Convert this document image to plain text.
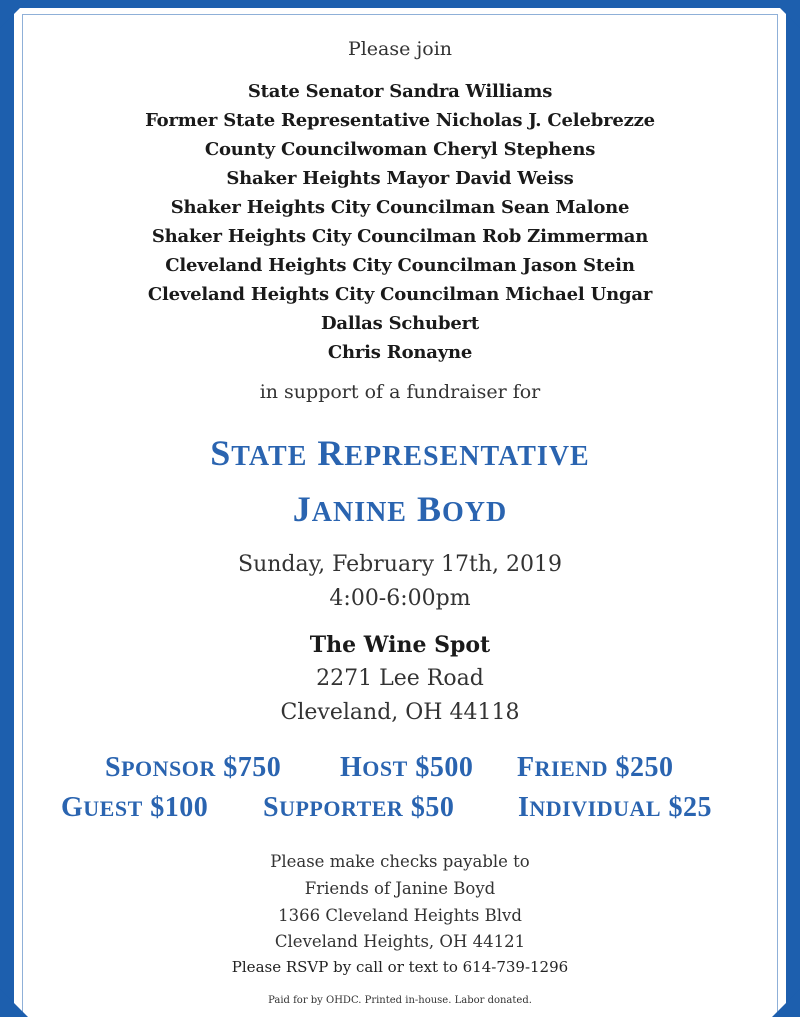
Please join
State Senator Sandra Williams
Former State Representative Nicholas J. Celebrezze
County Councilwoman Cheryl Stephens
Shaker Heights Mayor David Weiss
Shaker Heights City Councilman Sean Malone
Shaker Heights City Councilman Rob Zimmerman
Cleveland Heights City Councilman Jason Stein
Cleveland Heights City Councilman Michael Ungar
Dallas Schubert
Chris Ronayne
in support of a fundraiser for
STATE REPRESENTATIVE
JANINE BOYD
Sunday, February 17th, 2019
4:00-6:00pm
The Wine Spot
2271 Lee Road
Cleveland, OH 44118
SPONSOR $750 HOST $500 FRIEND $250
GUEST $100 SUPPORTER $50 INDIVIDUAL $25
Please make checks payable to
Friends of Janine Boyd
1366 Cleveland Heights Blvd
Cleveland Heights, OH 44121
Please RSVP by call or text to 614-739-1296
Paid for by OHDC. Printed in-house. Labor donated.
